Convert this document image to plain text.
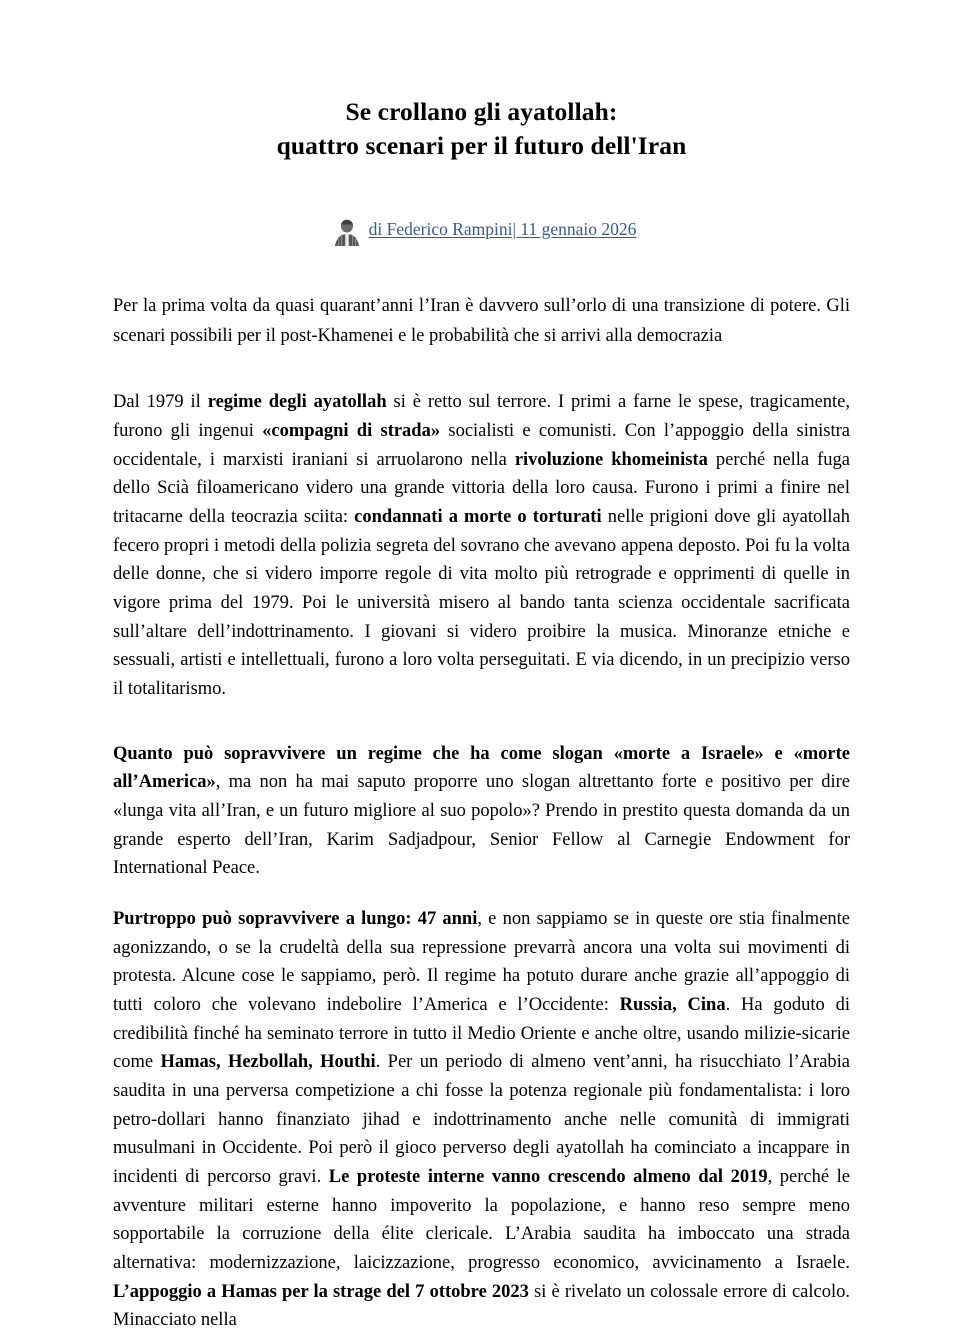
Se crollano gli ayatollah:
quattro scenari per il futuro dell'Iran
di Federico Rampini| 11 gennaio 2026

Per la prima volta da quasi quarant’anni l’Iran è davvero sull’orlo di una transizione di potere. Gli scenari possibili per il post-Khamenei e le probabilità che si arrivi alla democrazia

Dal 1979 il regime degli ayatollah si è retto sul terrore. I primi a farne le spese, tragicamente, furono gli ingenui «compagni di strada» socialisti e comunisti. Con l’appoggio della sinistra occidentale, i marxisti iraniani si arruolarono nella rivoluzione khomeinista perché nella fuga dello Scià filoamericano videro una grande vittoria della loro causa. Furono i primi a finire nel tritacarne della teocrazia sciita: condannati a morte o torturati nelle prigioni dove gli ayatollah fecero propri i metodi della polizia segreta del sovrano che avevano appena deposto. Poi fu la volta delle donne, che si videro imporre regole di vita molto più retrograde e opprimenti di quelle in vigore prima del 1979. Poi le università misero al bando tanta scienza occidentale sacrificata sull’altare dell’indottrinamento. I giovani si videro proibire la musica. Minoranze etniche e sessuali, artisti e intellettuali, furono a loro volta perseguitati. E via dicendo, in un precipizio verso il totalitarismo.

Quanto può sopravvivere un regime che ha come slogan «morte a Israele» e «morte all’America», ma non ha mai saputo proporre uno slogan altrettanto forte e positivo per dire «lunga vita all’Iran, e un futuro migliore al suo popolo»? Prendo in prestito questa domanda da un grande esperto dell’Iran, Karim Sadjadpour, Senior Fellow al Carnegie Endowment for International Peace.

Purtroppo può sopravvivere a lungo: 47 anni, e non sappiamo se in queste ore stia finalmente agonizzando, o se la crudeltà della sua repressione prevarrà ancora una volta sui movimenti di protesta. Alcune cose le sappiamo, però. Il regime ha potuto durare anche grazie all’appoggio di tutti coloro che volevano indebolire l’America e l’Occidente: Russia, Cina. Ha goduto di credibilità finché ha seminato terrore in tutto il Medio Oriente e anche oltre, usando milizie-sicarie come Hamas, Hezbollah, Houthi. Per un periodo di almeno vent’anni, ha risucchiato l’Arabia saudita in una perversa competizione a chi fosse la potenza regionale più fondamentalista: i loro petro-dollari hanno finanziato jihad e indottrinamento anche nelle comunità di immigrati musulmani in Occidente. Poi però il gioco perverso degli ayatollah ha cominciato a incappare in incidenti di percorso gravi. Le proteste interne vanno crescendo almeno dal 2019, perché le avventure militari esterne hanno impoverito la popolazione, e hanno reso sempre meno sopportabile la corruzione della élite clericale. L’Arabia saudita ha imboccato una strada alternativa: modernizzazione, laicizzazione, progresso economico, avvicinamento a Israele. L’appoggio a Hamas per la strage del 7 ottobre 2023 si è rivelato un colossale errore di calcolo. Minacciato nella
